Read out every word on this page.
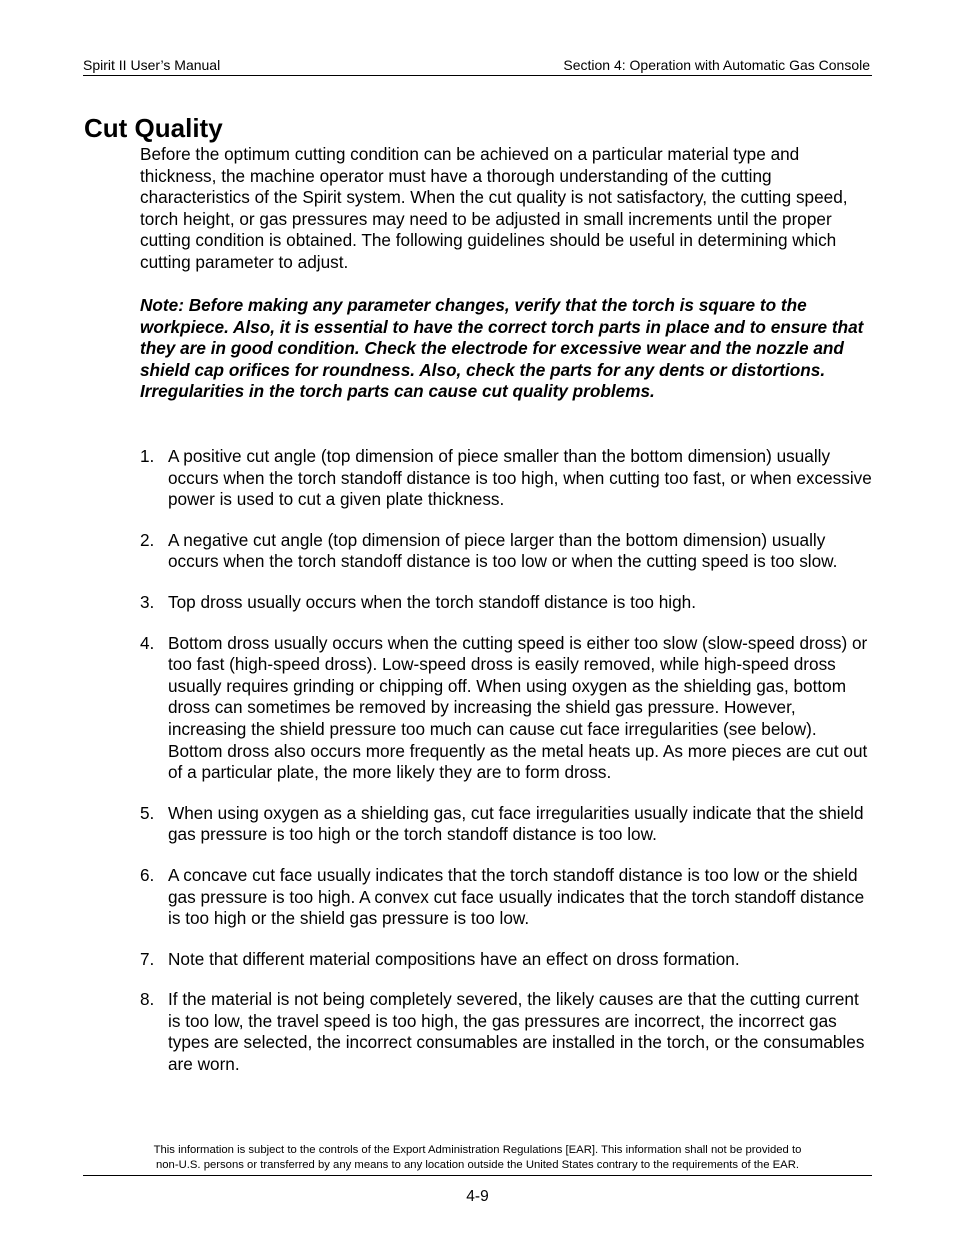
Spirit II User’s Manual	Section 4: Operation with Automatic Gas Console
Cut Quality

Before the optimum cutting condition can be achieved on a particular material type and thickness, the machine operator must have a thorough understanding of the cutting characteristics of the Spirit system. When the cut quality is not satisfactory, the cutting speed, torch height, or gas pressures may need to be adjusted in small increments until the proper cutting condition is obtained. The following guidelines should be useful in determining which cutting parameter to adjust.

Note: Before making any parameter changes, verify that the torch is square to the workpiece. Also, it is essential to have the correct torch parts in place and to ensure that they are in good condition. Check the electrode for excessive wear and the nozzle and shield cap orifices for roundness. Also, check the parts for any dents or distortions. Irregularities in the torch parts can cause cut quality problems.

1. A positive cut angle (top dimension of piece smaller than the bottom dimension) usually occurs when the torch standoff distance is too high, when cutting too fast, or when excessive power is used to cut a given plate thickness.
2. A negative cut angle (top dimension of piece larger than the bottom dimension) usually occurs when the torch standoff distance is too low or when the cutting speed is too slow.
3. Top dross usually occurs when the torch standoff distance is too high.
4. Bottom dross usually occurs when the cutting speed is either too slow (slow-speed dross) or too fast (high-speed dross). Low-speed dross is easily removed, while high-speed dross usually requires grinding or chipping off. When using oxygen as the shielding gas, bottom dross can sometimes be removed by increasing the shield gas pressure. However, increasing the shield pressure too much can cause cut face irregularities (see below). Bottom dross also occurs more frequently as the metal heats up. As more pieces are cut out of a particular plate, the more likely they are to form dross.
5. When using oxygen as a shielding gas, cut face irregularities usually indicate that the shield gas pressure is too high or the torch standoff distance is too low.
6. A concave cut face usually indicates that the torch standoff distance is too low or the shield gas pressure is too high. A convex cut face usually indicates that the torch standoff distance is too high or the shield gas pressure is too low.
7. Note that different material compositions have an effect on dross formation.
8. If the material is not being completely severed, the likely causes are that the cutting current is too low, the travel speed is too high, the gas pressures are incorrect, the incorrect gas types are selected, the incorrect consumables are installed in the torch, or the consumables are worn.
This information is subject to the controls of the Export Administration Regulations [EAR]. This information shall not be provided to
non-U.S. persons or transferred by any means to any location outside the United States contrary to the requirements of the EAR.
4-9
